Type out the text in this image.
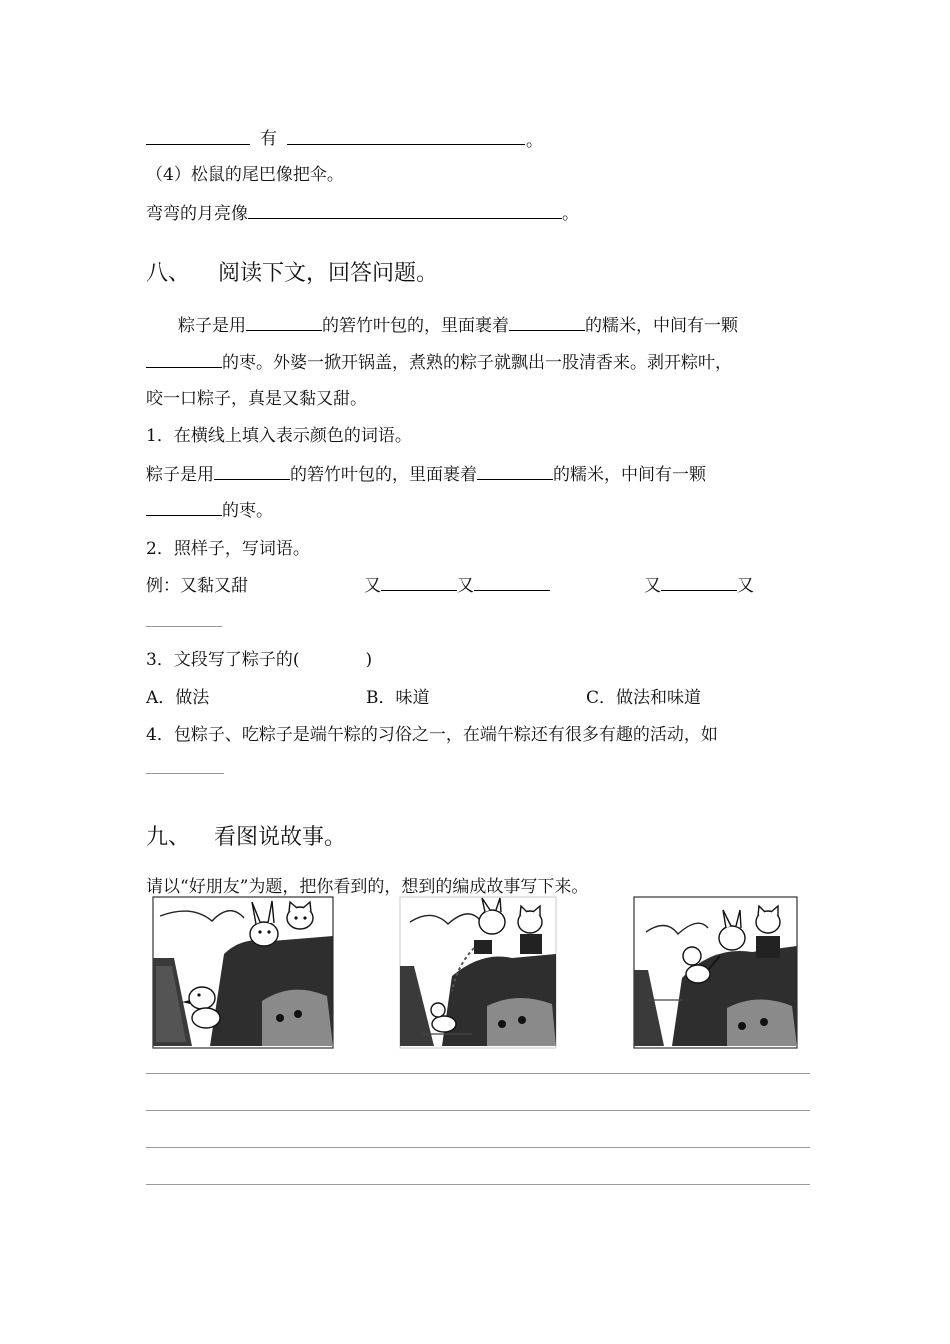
有	。
（4）松鼠的尾巴像把伞。
弯弯的月亮像	。
八、 阅读下文，回答问题。
粽子是用	的箬竹叶包的，里面裹着	的糯米，中间有一颗
的枣。外婆一掀开锅盖，煮熟的粽子就飘出一股清香来。剥开粽叶，
咬一口粽子，真是又黏又甜。
1．在横线上填入表示颜色的词语。
粽子是用	的箬竹叶包的，里面裹着	的糯米，中间有一颗
的枣。
2．照样子，写词语。
例：又黏又甜	又	又	又	又
3．文段写了粽子的(	)
A．做法	B．味道	C．做法和味道
4．包粽子、吃粽子是端午粽的习俗之一，在端午粽还有很多有趣的活动，如
九、 看图说故事。
请以“好朋友”为题，把你看到的，想到的编成故事写下来。
